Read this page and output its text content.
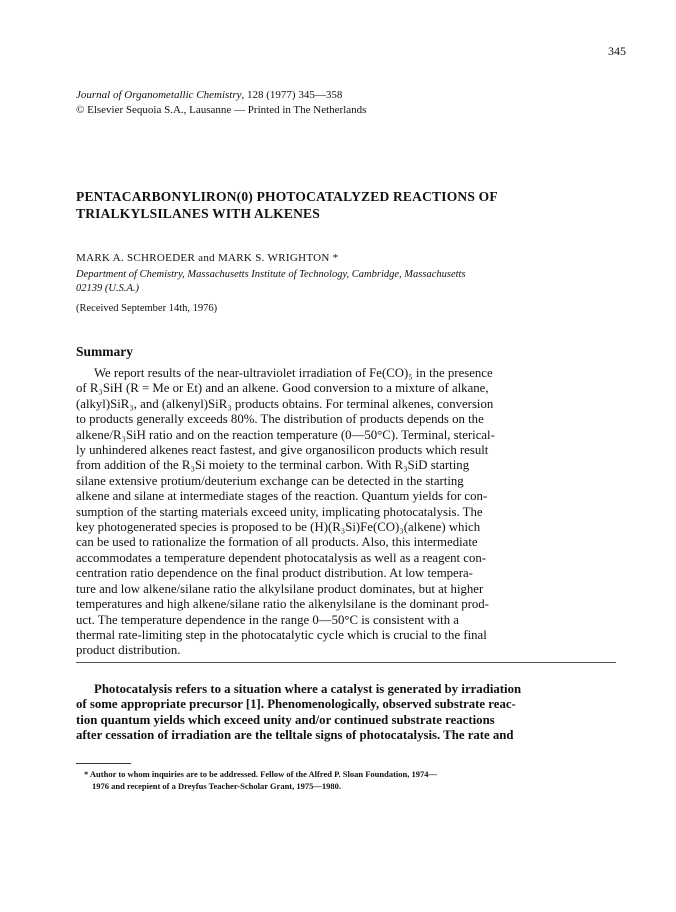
345
Journal of Organometallic Chemistry, 128 (1977) 345—358
© Elsevier Sequoia S.A., Lausanne — Printed in The Netherlands
PENTACARBONYLIRON(0) PHOTOCATALYZED REACTIONS OF
TRIALKYLSILANES WITH ALKENES
MARK A. SCHROEDER and MARK S. WRIGHTON *
Department of Chemistry, Massachusetts Institute of Technology, Cambridge, Massachusetts
02139 (U.S.A.)
(Received September 14th, 1976)
Summary
We report results of the near-ultraviolet irradiation of Fe(CO)₅ in the presence
of R₃SiH (R = Me or Et) and an alkene. Good conversion to a mixture of alkane,
(alkyl)SiR₃, and (alkenyl)SiR₃ products obtains. For terminal alkenes, conversion
to products generally exceeds 80%. The distribution of products depends on the
alkene/R₃SiH ratio and on the reaction temperature (0—50°C). Terminal, sterical-
ly unhindered alkenes react fastest, and give organosilicon products which result
from addition of the R₃Si moiety to the terminal carbon. With R₃SiD starting
silane extensive protium/deuterium exchange can be detected in the starting
alkene and silane at intermediate stages of the reaction. Quantum yields for con-
sumption of the starting materials exceed unity, implicating photocatalysis. The
key photogenerated species is proposed to be (H)(R₃Si)Fe(CO)₃(alkene) which
can be used to rationalize the formation of all products. Also, this intermediate
accommodates a temperature dependent photocatalysis as well as a reagent con-
centration ratio dependence on the final product distribution. At low tempera-
ture and low alkene/silane ratio the alkylsilane product dominates, but at higher
temperatures and high alkene/silane ratio the alkenylsilane is the dominant prod-
uct. The temperature dependence in the range 0—50°C is consistent with a
thermal rate-limiting step in the photocatalytic cycle which is crucial to the final
product distribution.
Photocatalysis refers to a situation where a catalyst is generated by irradiation
of some appropriate precursor [1]. Phenomenologically, observed substrate reac-
tion quantum yields which exceed unity and/or continued substrate reactions
after cessation of irradiation are the telltale signs of photocatalysis. The rate and
* Author to whom inquiries are to be addressed. Fellow of the Alfred P. Sloan Foundation, 1974—
1976 and recepient of a Dreyfus Teacher-Scholar Grant, 1975—1980.
